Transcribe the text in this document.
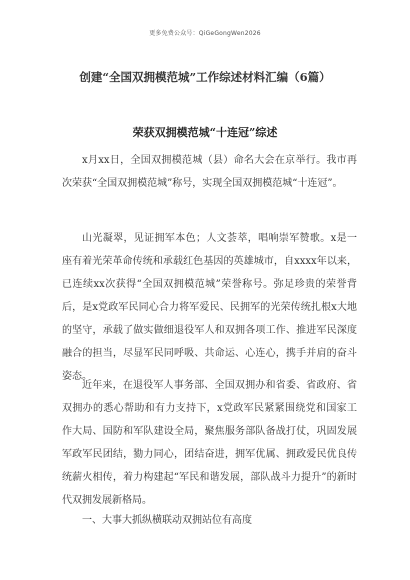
更多免费公众号：QiGeGongWen2026
创建“全国双拥模范城”工作综述材料汇编（6篇）
荣获双拥模范城“十连冠”综述

x月xx日，全国双拥模范城（县）命名大会在京举行。我市再次荣获“全国双拥模范城”称号，实现全国双拥模范城“十连冠”。

山光凝翠，见证拥军本色；人文荟萃，唱响崇军赞歌。x是一座有着光荣革命传统和承载红色基因的英雄城市，自xxxx年以来，已连续xx次获得“全国双拥模范城”荣誉称号。弥足珍贵的荣誉背后，是x党政军民同心合力将军爱民、民拥军的光荣传统扎根x大地的坚守，承载了做实做细退役军人和双拥各项工作、推进军民深度融合的担当，尽显军民同呼吸、共命运、心连心，携手并肩的奋斗姿态。

近年来，在退役军人事务部、全国双拥办和省委、省政府、省双拥办的悉心帮助和有力支持下，x党政军民紧紧围绕党和国家工作大局、国防和军队建设全局，聚焦服务部队备战打仗，巩固发展军政军民团结，勠力同心，团结奋进，拥军优属、拥政爱民优良传统薪火相传，着力构建起“军民和谐发展，部队战斗力提升”的新时代双拥发展新格局。

一、大事大抓纵横联动双拥站位有高度
